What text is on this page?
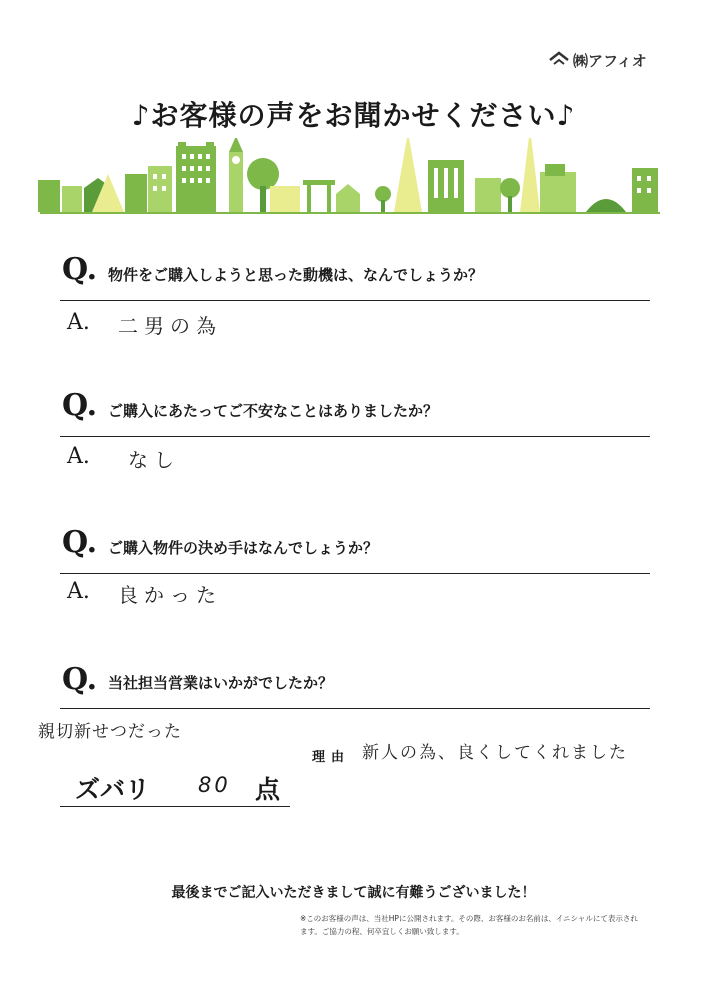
㈱アフィオ
♪お客様の声をお聞かせください♪
Q. 物件をご購入しようと思った動機は、なんでしょうか？
A. 二男の為
Q. ご購入にあたってご不安なことはありましたか？
A. なし
Q. ご購入物件の決め手はなんでしょうか？
A. 良かった
Q. 当社担当営業はいかがでしたか？
親切新せつだった
理由 新人の為、良くしてくれました
ズバリ 80 点
最後までご記入いただきまして誠に有難うございました！
※このお客様の声は、当社HPに公開されます。その際、お客様のお名前は、イニシャルにて表示されます。ご協力の程、何卒宜しくお願い致します。
